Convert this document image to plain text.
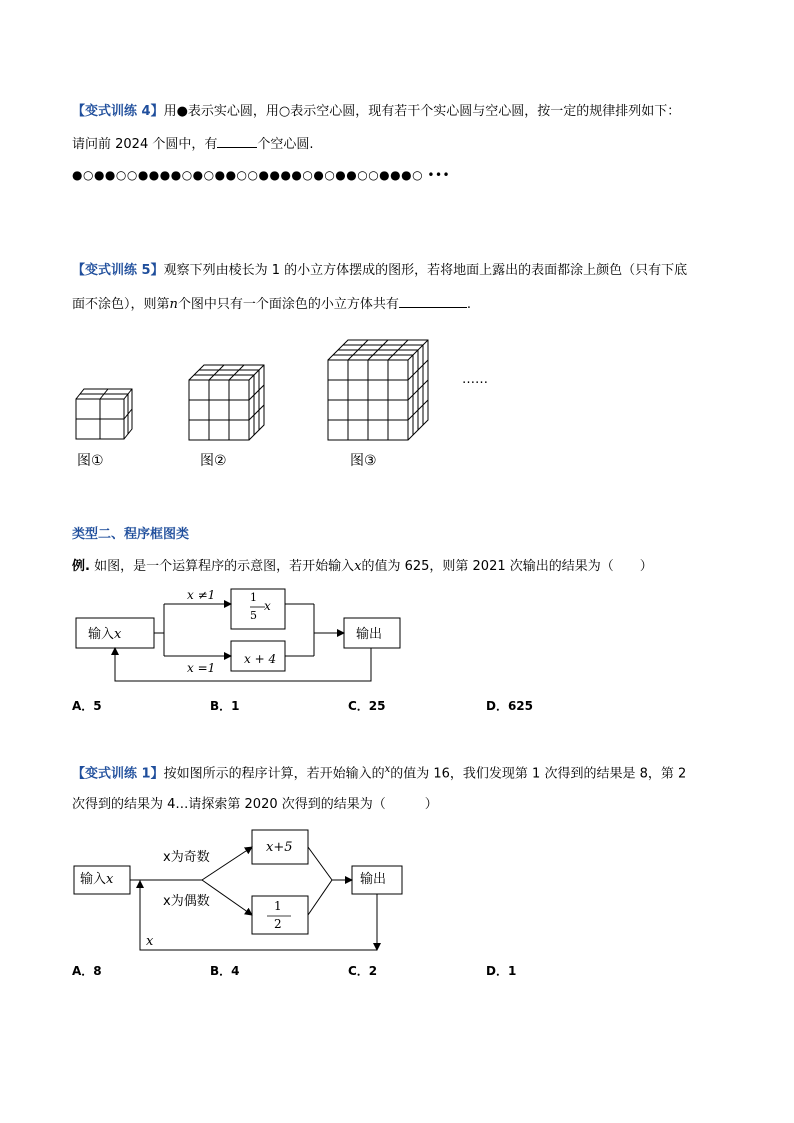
【变式训练 4】用●表示实心圆，用○表示空心圆，现有若干个实心圆与空心圆，按一定的规律排列如下：
请问前 2024 个圆中，有	个空心圆.
●○●●○○●●●●○●○●●○○●●●●○●○●●○○●●●○ •••
【变式训练 5】观察下列由棱长为 1 的小立方体摆成的图形，若将地面上露出的表面都涂上颜色（只有下底
面不涂色），则第n个图中只有一个面涂色的小立方体共有	.
……
图①	图②	图③
类型二、程序框图类
例. 如图，是一个运算程序的示意图，若开始输入x的值为 625，则第 2021 次输出的结果为（　　）
输入x
x ≠1	1
5
x
x + 4
x =1
输出
A．5	B．1	C．25	D．625
【变式训练 1】按如图所示的程序计算，若开始输入的$^x$的值为 16，我们发现第 1 次得到的结果是 8，第 2
次得到的结果为 4…请探索第 2020 次得到的结果为（　　　）
输入x
x为奇数
x为偶数
x+5
1
2
输出
x
A．8	B．4	C．2	D．1
